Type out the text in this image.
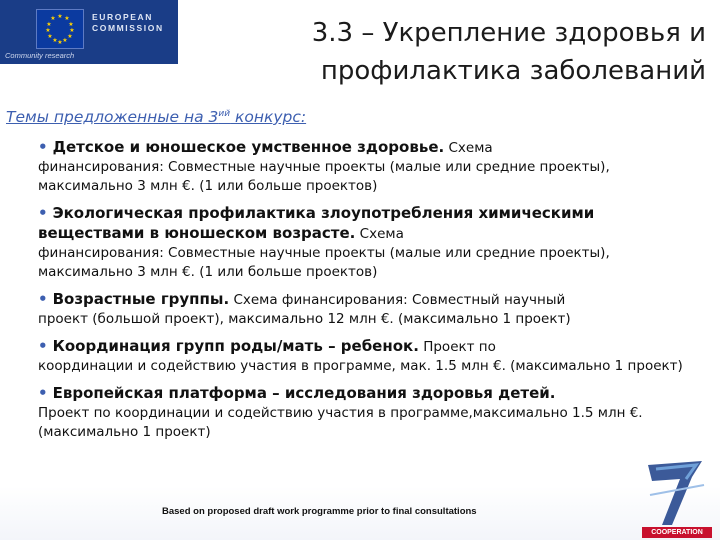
★ ★
★
★
★
★
★
★
★
★
★
★	EUROPEAN
COMMISSION
Community research
3.3 – Укрепление здоровья и
профилактика заболеваний
Темы предложенные на $3^{ий}$ конкурс:
• Детское и юношеское умственное здоровье. Схема
финансирования: Совместные научные проекты (малые или средние проекты), максимально 3 млн €. (1 или больше проектов)
• Экологическая профилактика злоупотребления химическими веществами в юношеском возрасте. Схема
финансирования: Совместные научные проекты (малые или средние проекты), максимально 3 млн €. (1 или больше проектов)
• Возрастные группы. Схема финансирования: Совместный научный
проект (большой проект), максимально 12 млн €. (максимально 1 проект)
• Координация групп роды/мать – ребенок. Проект по
координации и содействию участия в программе, мак. 1.5 млн €. (максимально 1 проект)
• Европейская платформа – исследования здоровья детей.
Проект по координации и содействию участия в программе,максимально 1.5 млн €. (максимально 1 проект)
Based on proposed draft work programme prior to final consultations
COOPERATION
